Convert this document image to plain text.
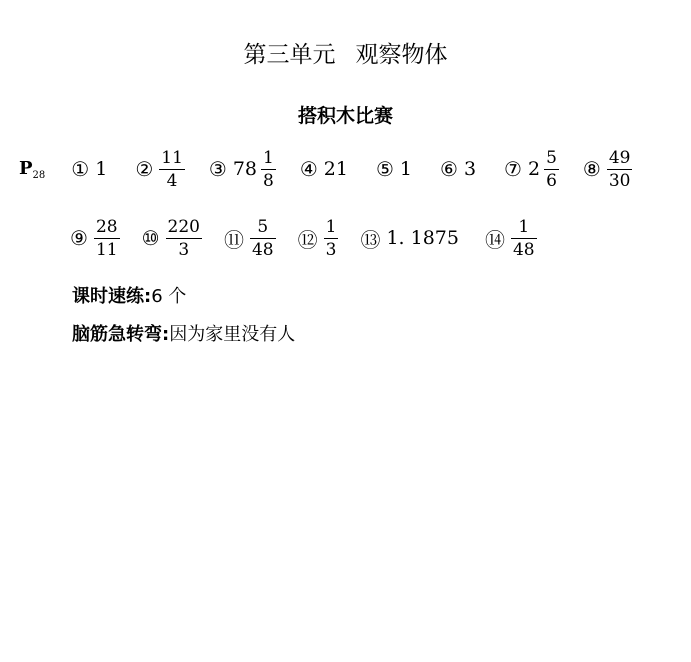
第三单元 观察物体
搭积木比赛
$P_{28}$ ① 1 ② $\frac{11}{4}$ ③ $78 \frac{1}{8}$ ④ 21 ⑤ 1 ⑥ 3 ⑦ $2 \frac{5}{6}$ ⑧ $\frac{49}{30}$
⑨ $\frac{28}{11}$ ⑩ $\frac{220}{3}$ ⑪ $\frac{5}{48}$ ⑫ $\frac{1}{3}$ ⑬ 1. 1875 ⑭ $\frac{1}{48}$
课时速练:6 个
脑筋急转弯:因为家里没有人
